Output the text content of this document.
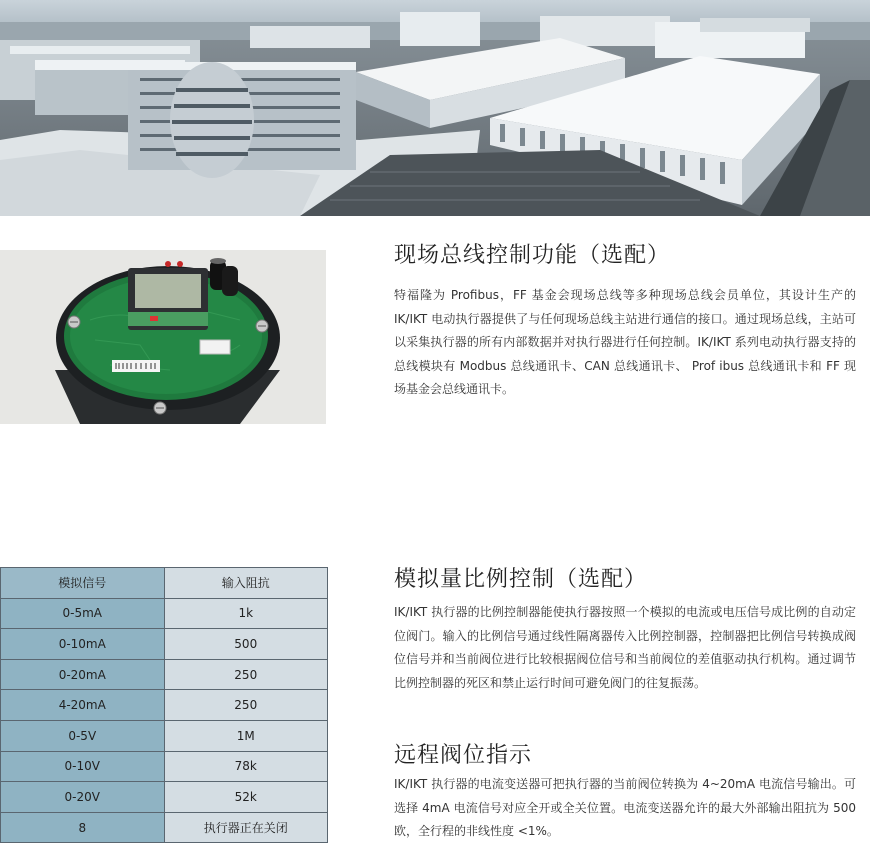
现场总线控制功能（选配）

特福隆为 Profibus，FF 基金会现场总线等多种现场总线会员单位，其设计生产的 IK/IKT 电动执行器提供了与任何现场总线主站进行通信的接口。通过现场总线，主站可以采集执行器的所有内部数据并对执行器进行任何控制。IK/IKT 系列电动执行器支持的总线模块有 Modbus 总线通讯卡、CAN 总线通讯卡、 Prof ibus 总线通讯卡和 FF 现场基金会总线通讯卡。

模拟信号	输入阻抗
0-5mA	1k
0-10mA	500
0-20mA	250
4-20mA	250
0-5V	1M
0-10V	78k
0-20V	52k
8	执行器正在关闭
模拟量比例控制（选配）

IK/IKT 执行器的比例控制器能使执行器按照一个模拟的电流或电压信号成比例的自动定位阀门。输入的比例信号通过线性隔离器传入比例控制器，控制器把比例信号转换成阀位信号并和当前阀位进行比较根据阀位信号和当前阀位的差值驱动执行机构。通过调节比例控制器的死区和禁止运行时间可避免阀门的往复振荡。

远程阀位指示

IK/IKT 执行器的电流变送器可把执行器的当前阀位转换为 4~20mA 电流信号输出。可选择 4mA 电流信号对应全开或全关位置。电流变送器允许的最大外部输出阻抗为 500 欧，全行程的非线性度 <1%。
